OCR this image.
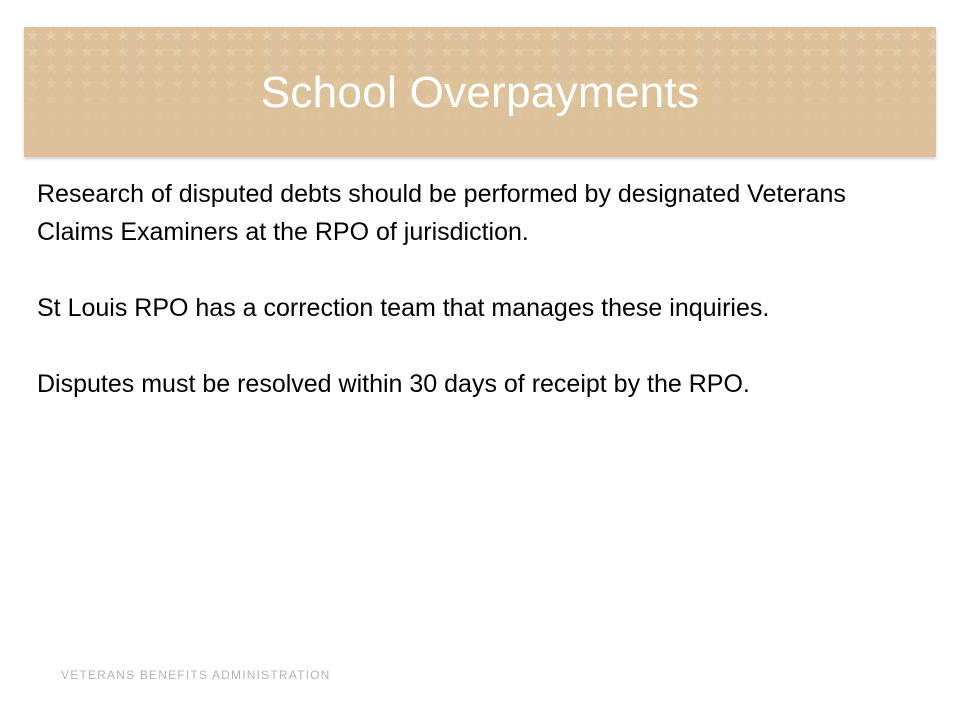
School Overpayments

Research of disputed debts should be performed by designated Veterans Claims Examiners at the RPO of jurisdiction.

St Louis RPO has a correction team that manages these inquiries.

Disputes must be resolved within 30 days of receipt by the RPO.

VETERANS BENEFITS ADMINISTRATION
